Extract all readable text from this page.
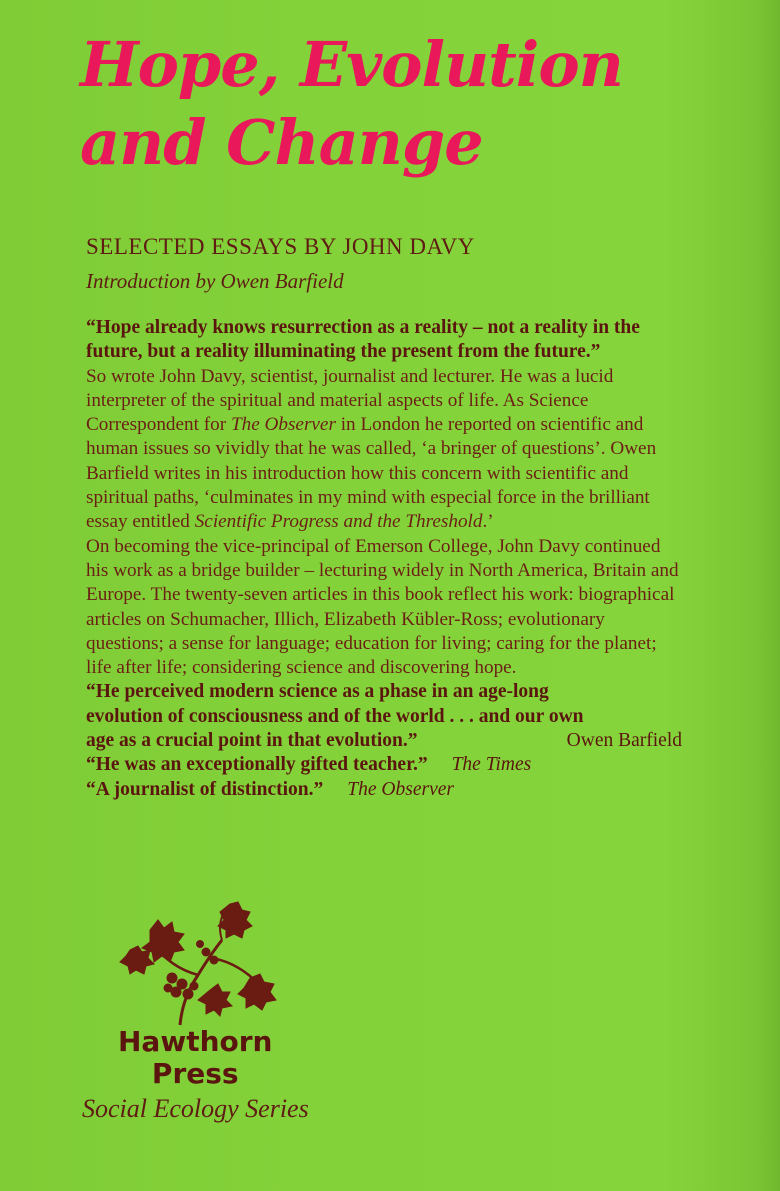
Hope, Evolution
and Change
SELECTED ESSAYS BY JOHN DAVY
Introduction by Owen Barfield

“Hope already knows resurrection as a reality – not a reality in the future, but a reality illuminating the present from the future.”

So wrote John Davy, scientist, journalist and lecturer. He was a lucid interpreter of the spiritual and material aspects of life. As Science Correspondent for The Observer in London he reported on scientific and human issues so vividly that he was called, ‘a bringer of questions’. Owen Barfield writes in his introduction how this concern with scientific and spiritual paths, ‘culminates in my mind with especial force in the brilliant essay entitled Scientific Progress and the Threshold.’

On becoming the vice-principal of Emerson College, John Davy continued his work as a bridge builder – lecturing widely in North America, Britain and Europe. The twenty-seven articles in this book reflect his work: biographical articles on Schumacher, Illich, Elizabeth Kübler-Ross; evolutionary questions; a sense for language; education for living; caring for the planet; life after life; considering science and discovering hope.

“He perceived modern science as a phase in an age-long
evolution of consciousness and of the world . . . and our own
age as a crucial point in that evolution.”	Owen Barfield
“He was an exceptionally gifted teacher.” The Times
“A journalist of distinction.” The Observer
Hawthorn
Press
Social Ecology Series
